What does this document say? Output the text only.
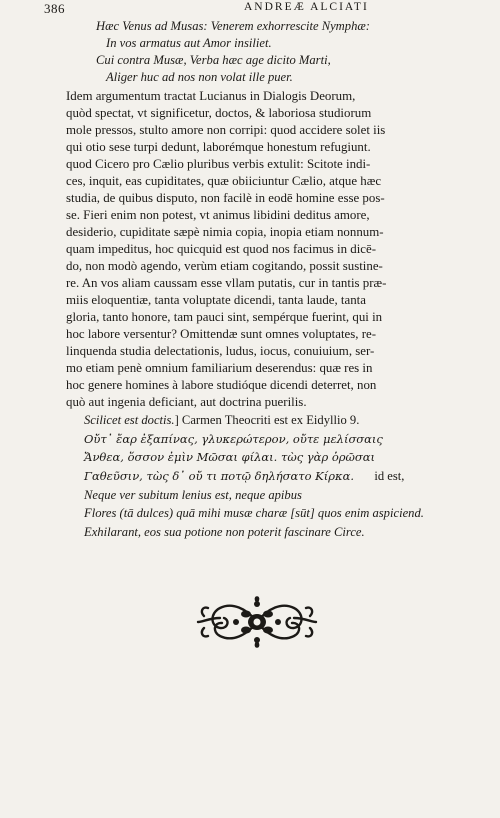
386	ANDREÆ ALCIATI
Hæc Venus ad Musas: Venerem exhorrescite Nymphæ:
In vos armatus aut Amor insiliet.
Cui contra Musæ, Verba hæc age dicito Marti,
Aliger huc ad nos non volat ille puer.
Idem argumentum tractat Lucianus in Dialogis Deorum,
quòd spectat, vt significetur, doctos, & laboriosa studiorum
mole pressos, stulto amore non corripi: quod accidere solet iis
qui otio sese turpi dedunt, laborémque honestum refugiunt.
quod Cicero pro Cælio pluribus verbis extulit: Scitote indi-
ces, inquit, eas cupiditates, quæ obiiciuntur Cælio, atque hæc
studia, de quibus disputo, non facilè in eodē homine esse pos-
se. Fieri enim non potest, vt animus libidini deditus amore,
desiderio, cupiditate sæpè nimia copia, inopia etiam nonnum-
quam impeditus, hoc quicquid est quod nos facimus in dicē-
do, non modò agendo, verùm etiam cogitando, possit sustine-
re. An vos aliam caussam esse vllam putatis, cur in tantis præ-
miis eloquentiæ, tanta voluptate dicendi, tanta laude, tanta
gloria, tanto honore, tam pauci sint, sempérque fuerint, qui in
hoc labore versentur? Omittendæ sunt omnes voluptates, re-
linquenda studia delectationis, ludus, iocus, conuiuium, ser-
mo etiam penè omnium familiarium deserendus: quæ res in
hoc genere homines à labore studióque dicendi deterret, non
quò aut ingenia deficiant, aut doctrina puerilis.
Scilicet est doctis.] Carmen Theocriti est ex Eidyllio 9.
Οὔτ᾽ ἔαρ ἐξαπίνας, γλυκερώτερον, οὔτε μελίσσαις
Ἄνθεα, ὅσσον ἐμὶν Μῶσαι φίλαι. τὼς γὰρ ὁρῶσαι
Γαθεῦσιν, τὼς δ᾽ οὔ τι ποτῷ δηλήσατο Κίρκα. id est,
Neque ver subitum lenius est, neque apibus
Flores (tā dulces) quā mihi musæ charæ [sūt] quos enim aspiciend.
Exhilarant, eos sua potione non poterit fascinare Circe.
